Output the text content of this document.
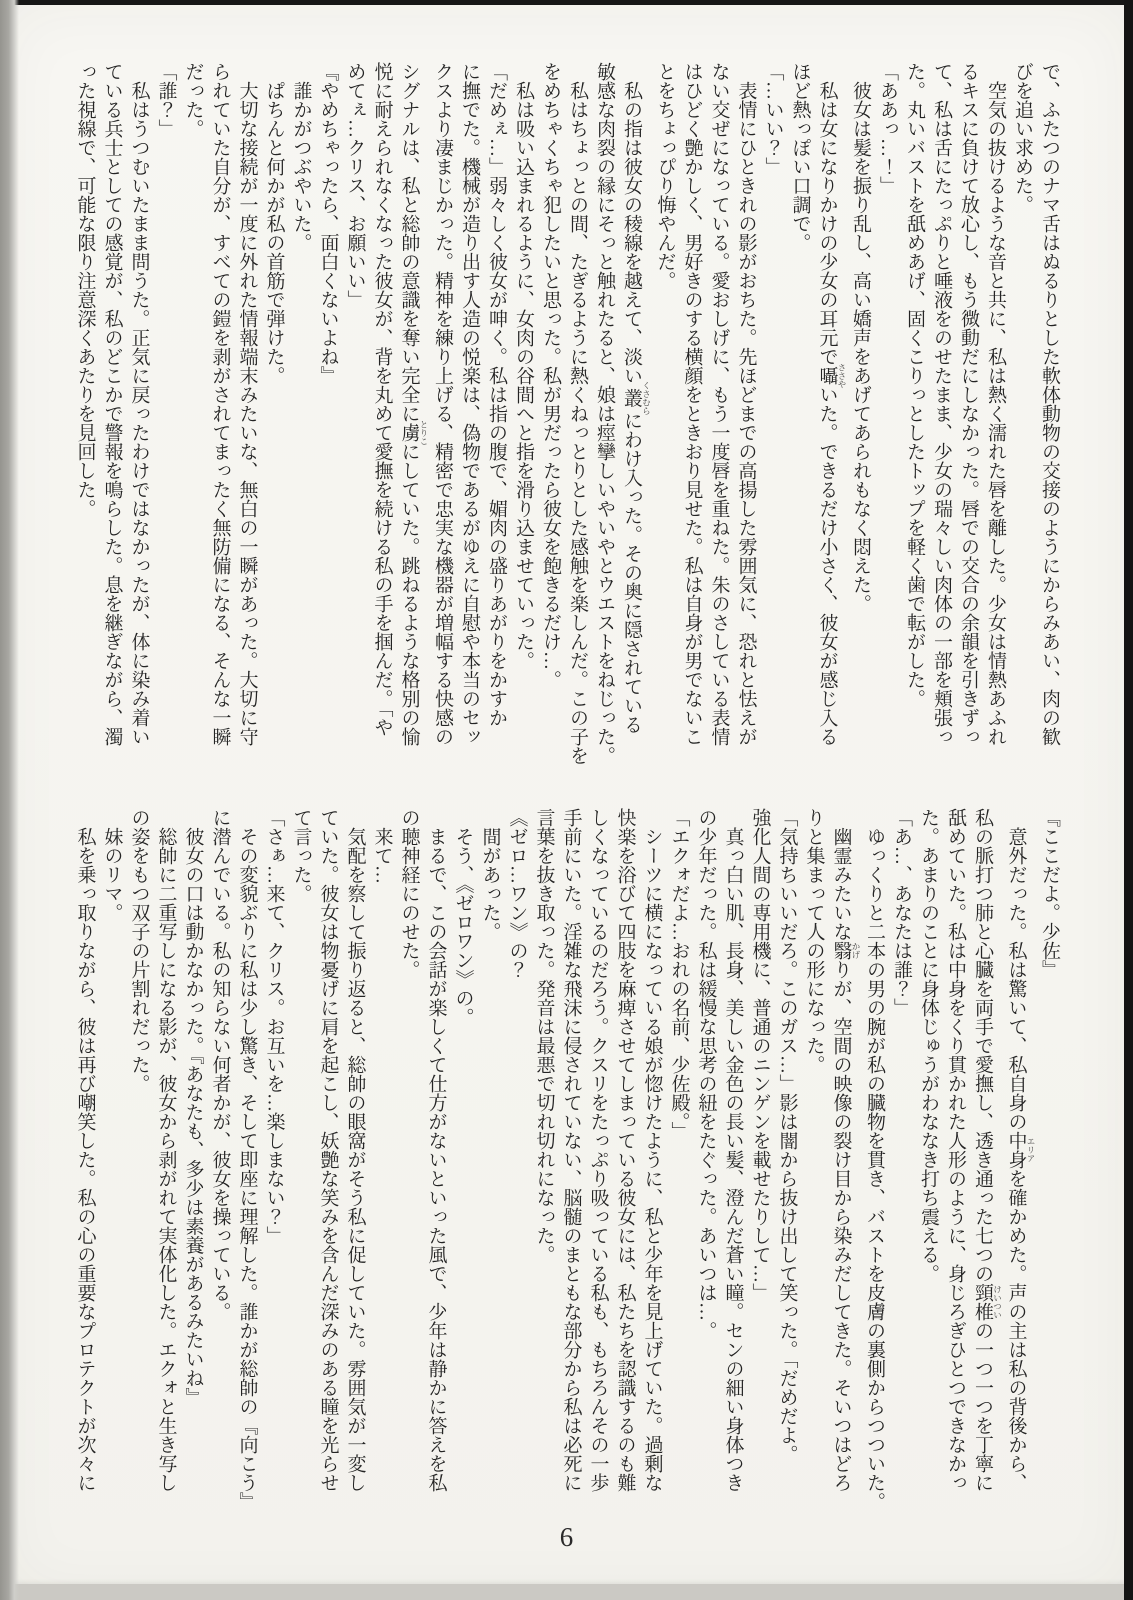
で、ふたつのナマ舌はぬるりとした軟体動物の交接のようにからみあい、肉の歓
びを追い求めた。
　空気の抜けるような音と共に、私は熱く濡れた唇を離した。少女は情熱あふれ
るキスに負けて放心し、もう微動だにしなかった。唇での交合の余韻を引きずっ
て、私は舌にたっぷりと唾液をのせたまま、少女の瑞々しい肉体の一部を頬張っ
た。丸いバストを舐めあげ、固くこりっとしたトップを軽く歯で転がした。
「ああっ…！」
　彼女は髪を振り乱し、高い嬌声をあげてあられもなく悶えた。
　私は女になりかけの少女の耳元で囁 ささやいた。できるだけ小さく、彼女が感じ入る
ほど熱っぽい口調で。
「…いい？」
　表情にひときれの影がおちた。先ほどまでの高揚した雰囲気に、恐れと怯えが
ない交ぜになっている。愛おしげに、もう一度唇を重ねた。朱のさしている表情
はひどく艶かしく、男好きのする横顔をときおり見せた。私は自身が男でないこ
とをちょっぴり悔やんだ。
　私の指は彼女の稜線を越えて、淡い叢 くさむらにわけ入った。その奥に隠されている
敏感な肉裂の縁にそっと触れたると、娘は痙攣しいやいやとウエストをねじった。
　私はちょっとの間、たぎるように熱くねっとりとした感触を楽しんだ。この子を
をめちゃくちゃ犯したいと思った。私が男だったら彼女を飽きるだけ…。
　私は吸い込まれるように、女肉の谷間へと指を滑り込ませていった。
「だめぇ…」弱々しく彼女が呻く。私は指の腹で、媚肉の盛りあがりをかすか
に撫でた。機械が造り出す人造の悦楽は、偽物であるがゆえに自慰や本当のセッ
クスより凄まじかった。精神を練り上げる、精密で忠実な機器が増幅する快感の
シグナルは、私と総帥の意識を奪い完全に虜 とりこにしていた。跳ねるような格別の愉
悦に耐えられなくなった彼女が、背を丸めて愛撫を続ける私の手を掴んだ。「や
めてぇ…クリス、お願いい」
『やめちゃったら、面白くないよね』
　誰かがつぶやいた。
　ぱちんと何かが私の首筋で弾けた。
　大切な接続が一度に外れた情報端末みたいな、無白の一瞬があった。大切に守
られていた自分が、すべての鎧を剥がされてまったく無防備になる、そんな一瞬
だった。
「誰？」
　私はうつむいたまま問うた。正気に戻ったわけではなかったが、体に染み着い
ている兵士としての感覚が、私のどこかで警報を鳴らした。息を継ぎながら、濁
った視線で、可能な限り注意深くあたりを見回した。
『ここだよ。少佐』
　意外だった。私は驚いて、私自身の中身 エリアを確かめた。声の主は私の背後から、
私の脈打つ肺と心臓を両手で愛撫し、透き通った七つの頸椎 けいついの一つ一つを丁寧に
舐めていた。私は中身をくり貫かれた人形のように、身じろぎひとつできなかっ
た。あまりのことに身体じゅうがわななき打ち震える。
「あ…、あなたは誰？」
　ゆっくりと二本の男の腕が私の臓物を貫き、バストを皮膚の裏側からつついた。
　幽霊みたいな翳 かげりが、空間の映像の裂け目から染みだしてきた。そいつはどろ
りと集まって人の形になった。
「気持ちいいだろ。このガス…」影は闇から抜け出して笑った。「だめだよ。
強化人間の専用機に、普通のニンゲンを載せたりして…」
　真っ白い肌、長身、美しい金色の長い髪、澄んだ蒼い瞳。センの細い身体つき
の少年だった。私は緩慢な思考の紐をたぐった。あいつは…。
「エクォだよ…おれの名前、少佐殿。」
　シーツに横になっている娘が惚けたように、私と少年を見上げていた。過剰な
快楽を浴びて四肢を麻痺させてしまっている彼女には、私たちを認識するのも難
しくなっているのだろう。クスリをたっぷり吸っている私も、もちろんその一歩
手前にいた。淫雑な飛沫に侵されていない、脳髄のまともな部分から私は必死に
言葉を抜き取った。発音は最悪で切れ切れになった。
《ゼロ…ワン》の？
　間があった。
　そう、《ゼロワン》の。
　まるで、この会話が楽しくて仕方がないといった風で、少年は静かに答えを私
の聴神経にのせた。
　来て…
　気配を察して振り返ると、総帥の眼窩がそう私に促していた。雰囲気が一変し
ていた。彼女は物憂げに肩を起こし、妖艶な笑みを含んだ深みのある瞳を光らせ
て言った。
「さぁ…来て、クリス。お互いを…楽しまない？」
　その変貌ぶりに私は少し驚き、そして即座に理解した。誰かが総帥の『向こう』
に潜んでいる。私の知らない何者かが、彼女を操っている。
　彼女の口は動かなかった。『あなたも、多少は素養があるみたいね』
　総帥に二重写しになる影が、彼女から剥がれて実体化した。エクォと生き写し
の姿をもつ双子の片割れだった。
　妹のリマ。
　私を乗っ取りながら、彼は再び嘲笑した。私の心の重要なプロテクトが次々に
6
